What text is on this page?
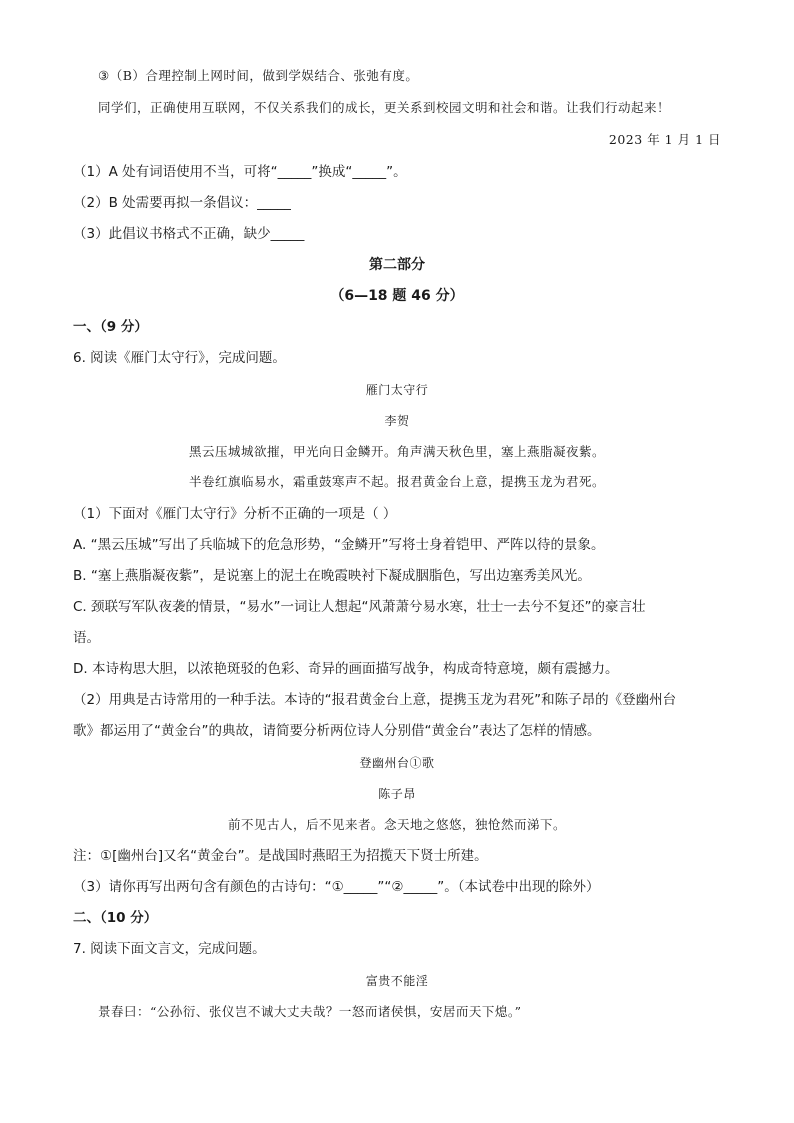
③（B）合理控制上网时间，做到学娱结合、张弛有度。
同学们，正确使用互联网，不仅关系我们的成长，更关系到校园文明和社会和谐。让我们行动起来！
2023 年 1 月 1 日
（1）A 处有词语使用不当，可将“_____”换成“_____”。
（2）B 处需要再拟一条倡议：_____
（3）此倡议书格式不正确，缺少_____
第二部分
（6—18 题 46 分）
一、（9 分）
6. 阅读《雁门太守行》，完成问题。
雁门太守行
李贺
黑云压城城欲摧，甲光向日金鳞开。角声满天秋色里，塞上燕脂凝夜紫。
半卷红旗临易水，霜重鼓寒声不起。报君黄金台上意，提携玉龙为君死。
（1）下面对《雁门太守行》分析不正确的一项是（ ）
A. “黑云压城”写出了兵临城下的危急形势，“金鳞开”写将士身着铠甲、严阵以待的景象。
B. “塞上燕脂凝夜紫”，是说塞上的泥土在晚霞映衬下凝成胭脂色，写出边塞秀美风光。
C. 颈联写军队夜袭的情景，“易水”一词让人想起“风萧萧兮易水寒，壮士一去兮不复还”的豪言壮
语。
D. 本诗构思大胆，以浓艳斑驳的色彩、奇异的画面描写战争，构成奇特意境，颇有震撼力。
（2）用典是古诗常用的一种手法。本诗的“报君黄金台上意，提携玉龙为君死”和陈子昂的《登幽州台
歌》都运用了“黄金台”的典故，请简要分析两位诗人分别借“黄金台”表达了怎样的情感。
登幽州台①歌
陈子昂
前不见古人，后不见来者。念天地之悠悠，独怆然而涕下。
注：①[幽州台]又名“黄金台”。是战国时燕昭王为招揽天下贤士所建。
（3）请你再写出两句含有颜色的古诗句：“①_____”“②_____”。（本试卷中出现的除外）
二、（10 分）
7. 阅读下面文言文，完成问题。
富贵不能淫
景春曰：“公孙衍、张仪岂不诚大丈夫哉？一怒而诸侯惧，安居而天下熄。”
